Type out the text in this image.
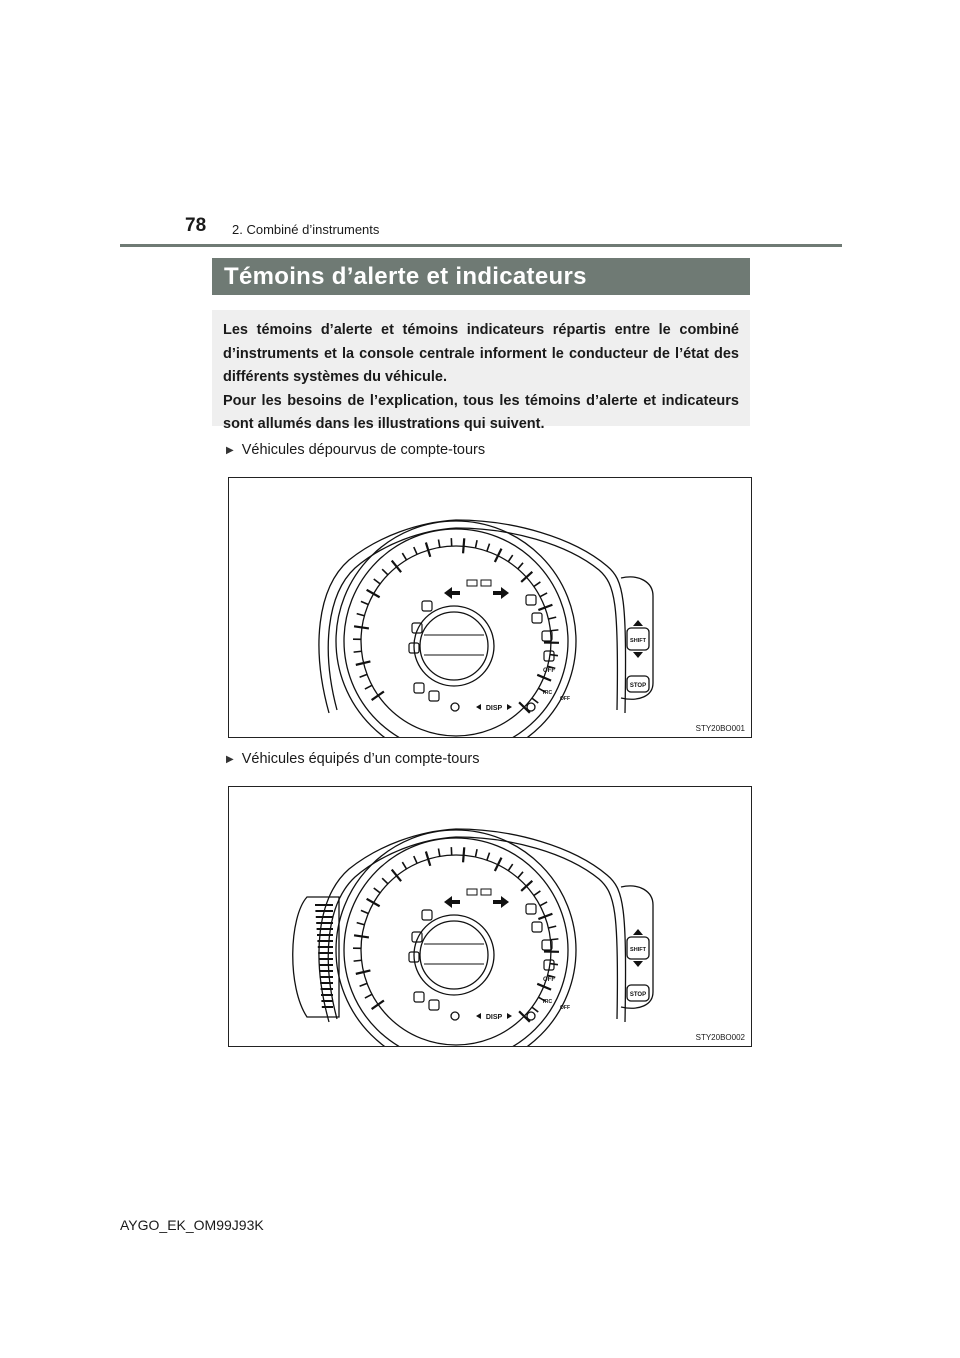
78 2. Combiné d’instruments
Témoins d’alerte et indicateurs

Les témoins d’alerte et témoins indicateurs répartis entre le combiné d’instruments et la console centrale informent le conducteur de l’état des différents systèmes du véhicule.

Pour les besoins de l’explication, tous les témoins d’alerte et indicateurs sont allumés dans les illustrations qui suivent.

▶ Véhicules dépourvus de compte-tours
OFF
TRC
OFF
DISP
SHIFT
STOP
STY20BO001
▶ Véhicules équipés d’un compte-tours
OFF
TRC
OFF
DISP
SHIFT
STOP
STY20BO002
AYGO_EK_OM99J93K
